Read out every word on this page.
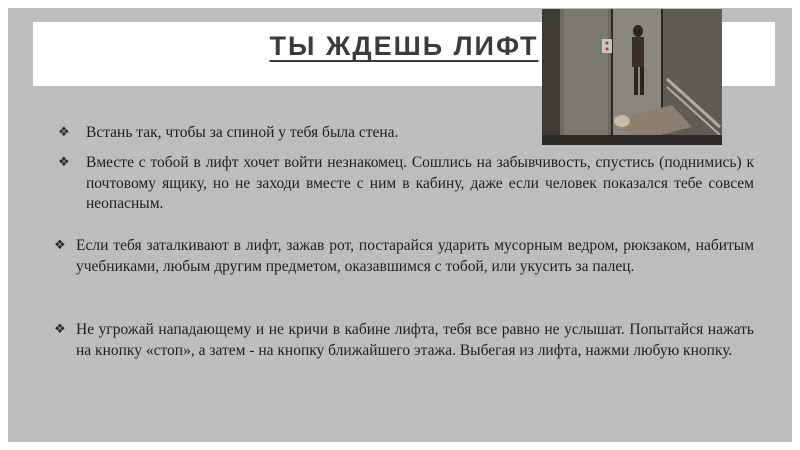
ТЫ ЖДЕШЬ ЛИФТ
❖ Встань так, чтобы за спиной у тебя была стена.
❖ Вместе с тобой в лифт хочет войти незнакомец. Сошлись на забывчивость, спустись (поднимись) к почтовому ящику, но не заходи вместе с ним в кабину, даже если человек показался тебе совсем неопасным.
❖ Если тебя заталкивают в лифт, зажав рот, постарайся ударить мусорным ведром, рюкзаком, набитым учебниками, любым другим предметом, оказавшимся с тобой, или укусить за палец.
❖ Не угрожай нападающему и не кричи в кабине лифта, тебя все равно не услышат. Попытайся нажать на кнопку «стоп», а затем - на кнопку ближайшего этажа. Выбегая из лифта, нажми любую кнопку.
